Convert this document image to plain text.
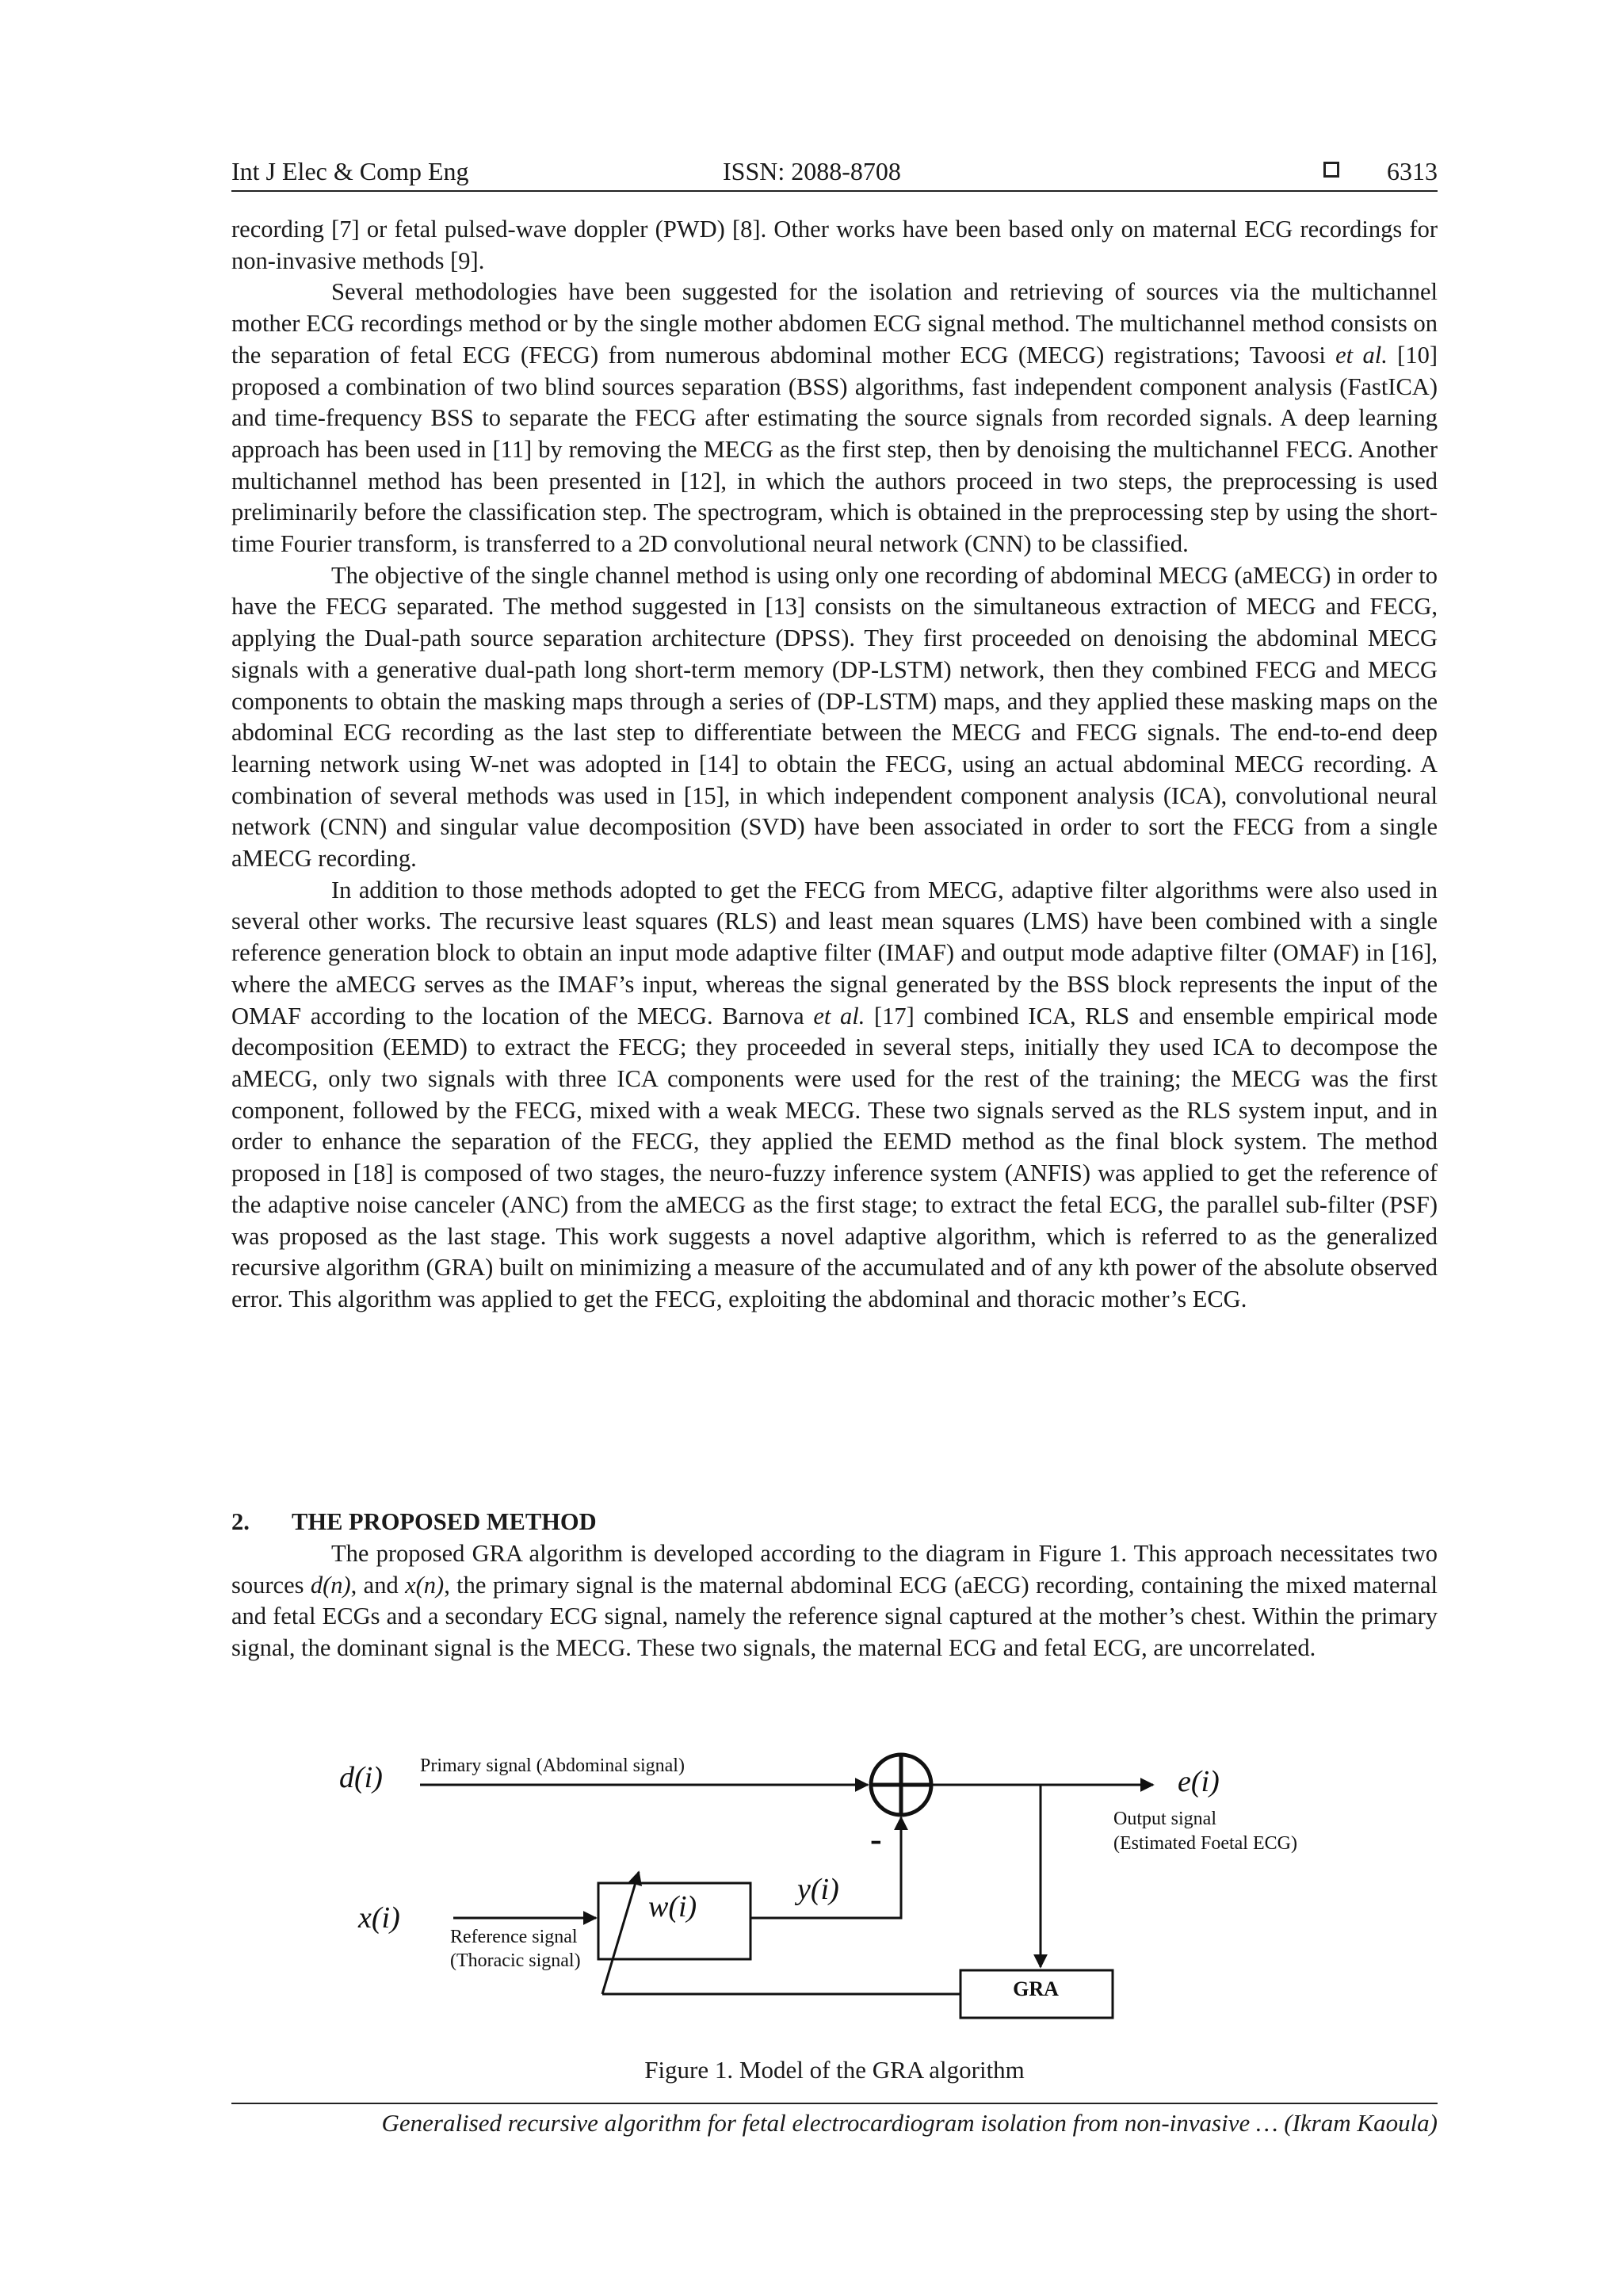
Int J Elec & Comp Eng	ISSN: 2088-8708	6313

recording [7] or fetal pulsed-wave doppler (PWD) [8]. Other works have been based only on maternal ECG recordings for non-invasive methods [9].

Several methodologies have been suggested for the isolation and retrieving of sources via the multichannel mother ECG recordings method or by the single mother abdomen ECG signal method. The multichannel method consists on the separation of fetal ECG (FECG) from numerous abdominal mother ECG (MECG) registrations; Tavoosi et al. [10] proposed a combination of two blind sources separation (BSS) algorithms, fast independent component analysis (FastICA) and time-frequency BSS to separate the FECG after estimating the source signals from recorded signals. A deep learning approach has been used in [11] by removing the MECG as the first step, then by denoising the multichannel FECG. Another multichannel method has been presented in [12], in which the authors proceed in two steps, the preprocessing is used preliminarily before the classification step. The spectrogram, which is obtained in the preprocessing step by using the short-time Fourier transform, is transferred to a 2D convolutional neural network (CNN) to be classified.

The objective of the single channel method is using only one recording of abdominal MECG (aMECG) in order to have the FECG separated. The method suggested in [13] consists on the simultaneous extraction of MECG and FECG, applying the Dual-path source separation architecture (DPSS). They first proceeded on denoising the abdominal MECG signals with a generative dual-path long short-term memory (DP-LSTM) network, then they combined FECG and MECG components to obtain the masking maps through a series of (DP-LSTM) maps, and they applied these masking maps on the abdominal ECG recording as the last step to differentiate between the MECG and FECG signals. The end-to-end deep learning network using W-net was adopted in [14] to obtain the FECG, using an actual abdominal MECG recording. A combination of several methods was used in [15], in which independent component analysis (ICA), convolutional neural network (CNN) and singular value decomposition (SVD) have been associated in order to sort the FECG from a single aMECG recording.

In addition to those methods adopted to get the FECG from MECG, adaptive filter algorithms were also used in several other works. The recursive least squares (RLS) and least mean squares (LMS) have been combined with a single reference generation block to obtain an input mode adaptive filter (IMAF) and output mode adaptive filter (OMAF) in [16], where the aMECG serves as the IMAF’s input, whereas the signal generated by the BSS block represents the input of the OMAF according to the location of the MECG. Barnova et al. [17] combined ICA, RLS and ensemble empirical mode decomposition (EEMD) to extract the FECG; they proceeded in several steps, initially they used ICA to decompose the aMECG, only two signals with three ICA components were used for the rest of the training; the MECG was the first component, followed by the FECG, mixed with a weak MECG. These two signals served as the RLS system input, and in order to enhance the separation of the FECG, they applied the EEMD method as the final block system. The method proposed in [18] is composed of two stages, the neuro-fuzzy inference system (ANFIS) was applied to get the reference of the adaptive noise canceler (ANC) from the aMECG as the first stage; to extract the fetal ECG, the parallel sub-filter (PSF) was proposed as the last stage. This work suggests a novel adaptive algorithm, which is referred to as the generalized recursive algorithm (GRA) built on minimizing a measure of the accumulated and of any kth power of the absolute observed error. This algorithm was applied to get the FECG, exploiting the abdominal and thoracic mother’s ECG.

2. THE PROPOSED METHOD

The proposed GRA algorithm is developed according to the diagram in Figure 1. This approach necessitates two sources d(n), and x(n), the primary signal is the maternal abdominal ECG (aECG) recording, containing the mixed maternal and fetal ECGs and a secondary ECG signal, namely the reference signal captured at the mother’s chest. Within the primary signal, the dominant signal is the MECG. These two signals, the maternal ECG and fetal ECG, are uncorrelated.

d(i) Primary signal (Abdominal signal)	e(i)
Output signal
(Estimated Foetal ECG)
x(i)	w(i)
y(i)
-
Reference signal
(Thoracic signal)
GRA
Figure 1. Model of the GRA algorithm
Generalised recursive algorithm for fetal electrocardiogram isolation from non-invasive … (Ikram Kaoula)
